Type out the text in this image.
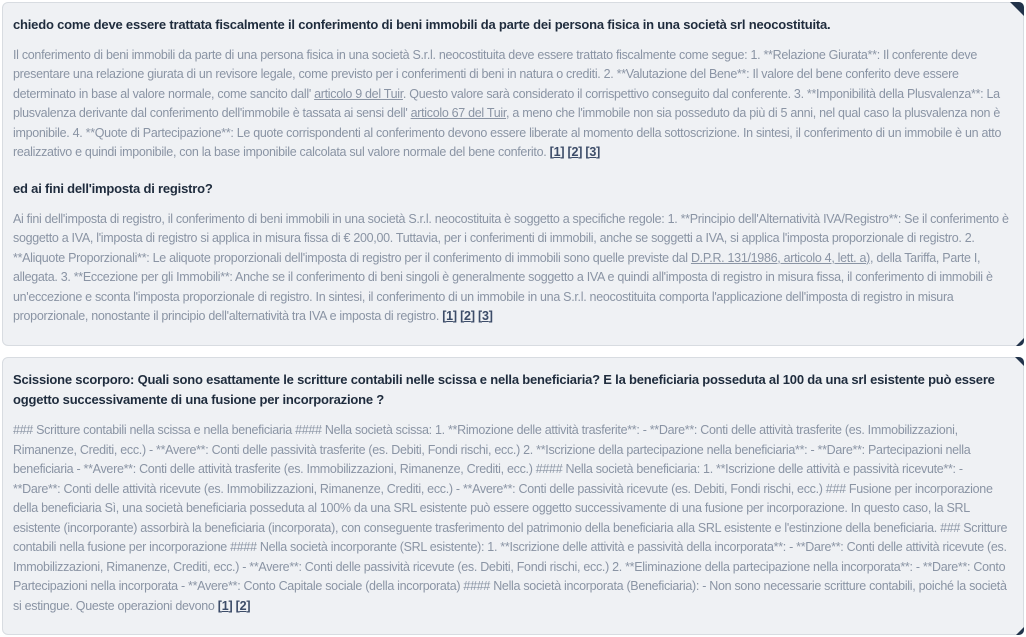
chiedo come deve essere trattata fiscalmente il conferimento di beni immobili da parte dei persona fisica in una società srl neocostituita.

Il conferimento di beni immobili da parte di una persona fisica in una società S.r.l. neocostituita deve essere trattato fiscalmente come segue: 1. **Relazione Giurata**: Il conferente deve presentare una relazione giurata di un revisore legale, come previsto per i conferimenti di beni in natura o crediti. 2. **Valutazione del Bene**: Il valore del bene conferito deve essere determinato in base al valore normale, come sancito dall' articolo 9 del Tuir. Questo valore sarà considerato il corrispettivo conseguito dal conferente. 3. **Imponibilità della Plusvalenza**: La plusvalenza derivante dal conferimento dell'immobile è tassata ai sensi dell' articolo 67 del Tuir, a meno che l'immobile non sia posseduto da più di 5 anni, nel qual caso la plusvalenza non è imponibile. 4. **Quote di Partecipazione**: Le quote corrispondenti al conferimento devono essere liberate al momento della sottoscrizione. In sintesi, il conferimento di un immobile è un atto realizzativo e quindi imponibile, con la base imponibile calcolata sul valore normale del bene conferito. [1] [2] [3]

ed ai fini dell'imposta di registro?

Ai fini dell'imposta di registro, il conferimento di beni immobili in una società S.r.l. neocostituita è soggetto a specifiche regole: 1. **Principio dell'Alternatività IVA/Registro**: Se il conferimento è soggetto a IVA, l'imposta di registro si applica in misura fissa di € 200,00. Tuttavia, per i conferimenti di immobili, anche se soggetti a IVA, si applica l'imposta proporzionale di registro. 2. **Aliquote Proporzionali**: Le aliquote proporzionali dell'imposta di registro per il conferimento di immobili sono quelle previste dal D.P.R. 131/1986, articolo 4, lett. a), della Tariffa, Parte I, allegata. 3. **Eccezione per gli Immobili**: Anche se il conferimento di beni singoli è generalmente soggetto a IVA e quindi all'imposta di registro in misura fissa, il conferimento di immobili è un'eccezione e sconta l'imposta proporzionale di registro. In sintesi, il conferimento di un immobile in una S.r.l. neocostituita comporta l'applicazione dell'imposta di registro in misura proporzionale, nonostante il principio dell'alternatività tra IVA e imposta di registro. [1] [2] [3]

Scissione scorporo: Quali sono esattamente le scritture contabili nelle scissa e nella beneficiaria? E la beneficiaria posseduta al 100 da una srl esistente può essere oggetto successivamente di una fusione per incorporazione ?

### Scritture contabili nella scissa e nella beneficiaria #### Nella società scissa: 1. **Rimozione delle attività trasferite**: - **Dare**: Conti delle attività trasferite (es. Immobilizzazioni, Rimanenze, Crediti, ecc.) - **Avere**: Conti delle passività trasferite (es. Debiti, Fondi rischi, ecc.) 2. **Iscrizione della partecipazione nella beneficiaria**: - **Dare**: Partecipazioni nella beneficiaria - **Avere**: Conti delle attività trasferite (es. Immobilizzazioni, Rimanenze, Crediti, ecc.) #### Nella società beneficiaria: 1. **Iscrizione delle attività e passività ricevute**: - **Dare**: Conti delle attività ricevute (es. Immobilizzazioni, Rimanenze, Crediti, ecc.) - **Avere**: Conti delle passività ricevute (es. Debiti, Fondi rischi, ecc.) ### Fusione per incorporazione della beneficiaria Sì, una società beneficiaria posseduta al 100% da una SRL esistente può essere oggetto successivamente di una fusione per incorporazione. In questo caso, la SRL esistente (incorporante) assorbirà la beneficiaria (incorporata), con conseguente trasferimento del patrimonio della beneficiaria alla SRL esistente e l'estinzione della beneficiaria. ### Scritture contabili nella fusione per incorporazione #### Nella società incorporante (SRL esistente): 1. **Iscrizione delle attività e passività della incorporata**: - **Dare**: Conti delle attività ricevute (es. Immobilizzazioni, Rimanenze, Crediti, ecc.) - **Avere**: Conti delle passività ricevute (es. Debiti, Fondi rischi, ecc.) 2. **Eliminazione della partecipazione nella incorporata**: - **Dare**: Conto Partecipazioni nella incorporata - **Avere**: Conto Capitale sociale (della incorporata) #### Nella società incorporata (Beneficiaria): - Non sono necessarie scritture contabili, poiché la società si estingue. Queste operazioni devono [1] [2]
